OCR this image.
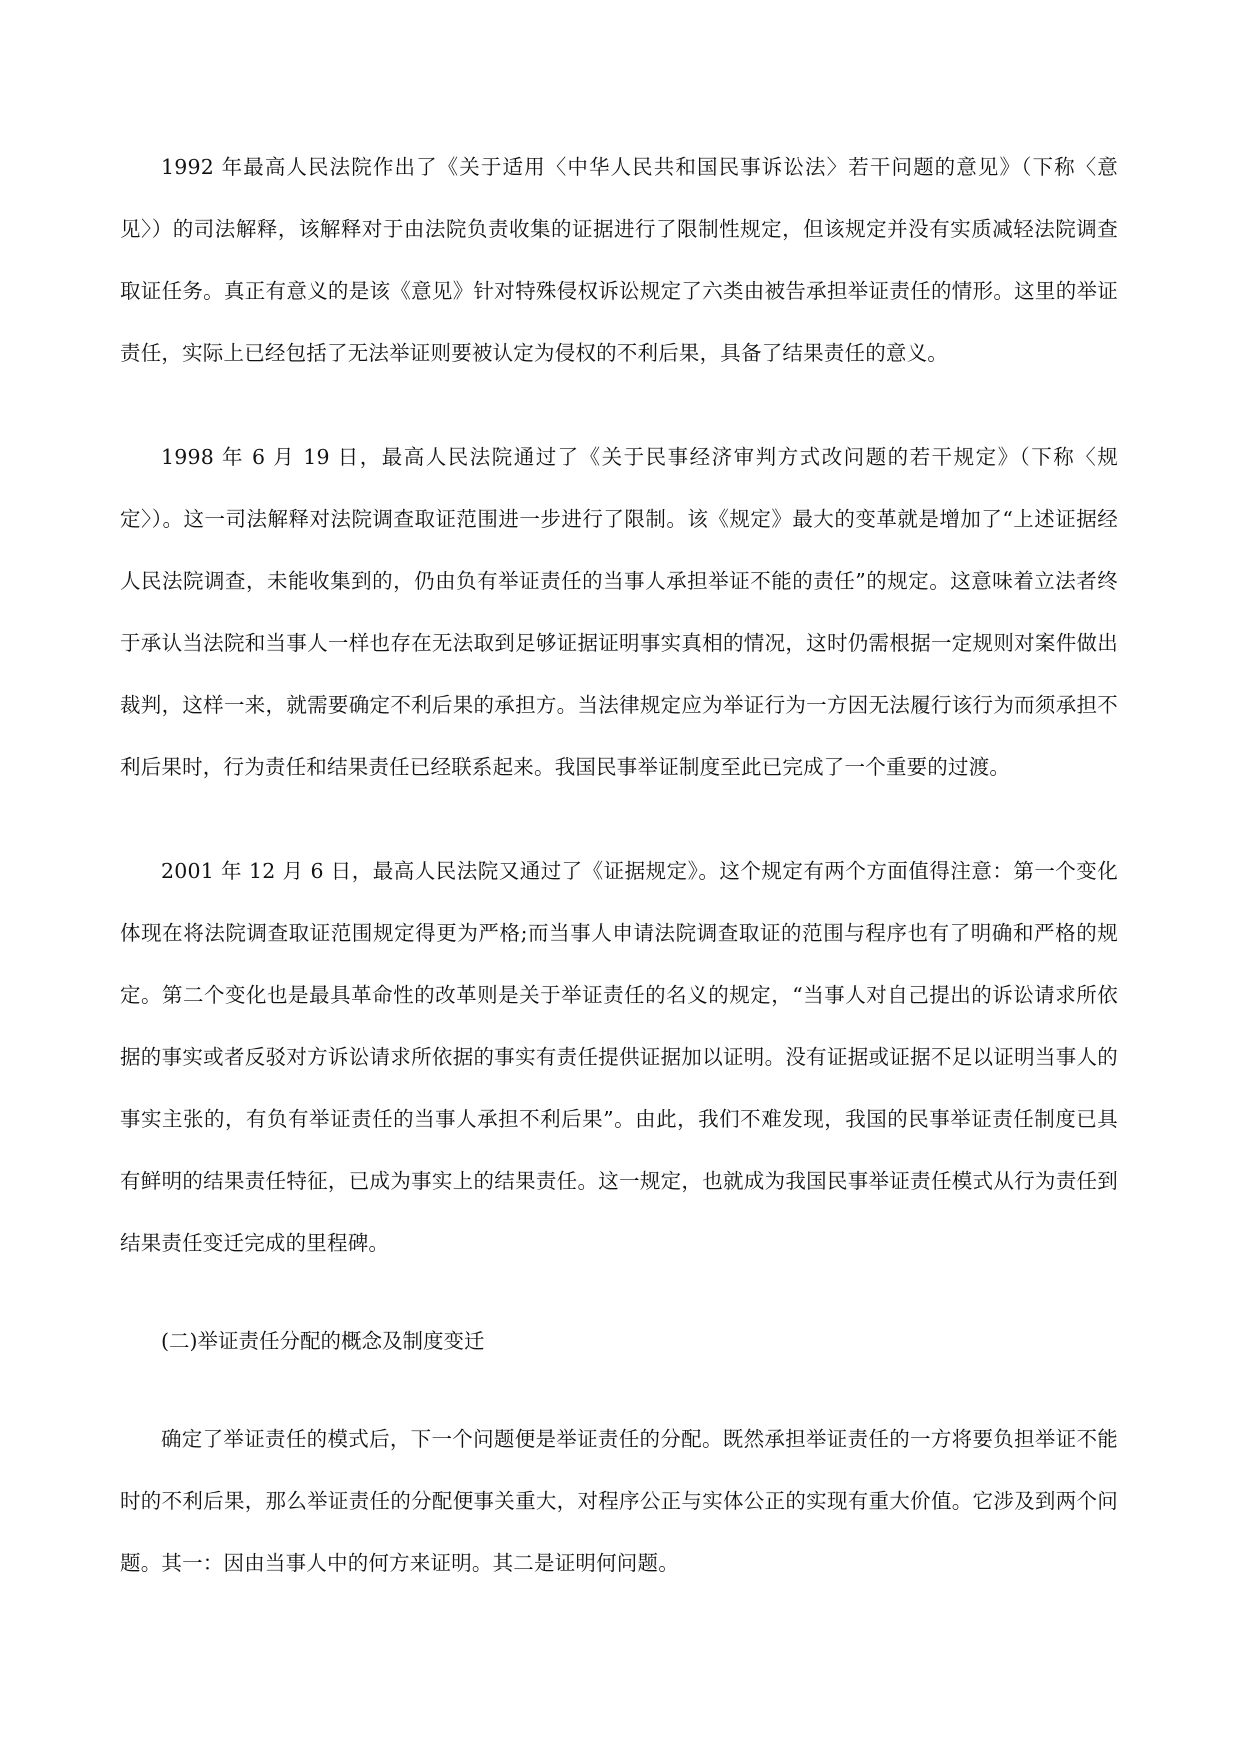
1992 年最高人民法院作出了《关于适用〈中华人民共和国民事诉讼法〉若干问题的意见》（下称〈意见〉）的司法解释，该解释对于由法院负责收集的证据进行了限制性规定，但该规定并没有实质减轻法院调查取证任务。真正有意义的是该《意见》针对特殊侵权诉讼规定了六类由被告承担举证责任的情形。这里的举证责任，实际上已经包括了无法举证则要被认定为侵权的不利后果，具备了结果责任的意义。

1998 年 6 月 19 日，最高人民法院通过了《关于民事经济审判方式改问题的若干规定》（下称〈规定〉）。这一司法解释对法院调查取证范围进一步进行了限制。该《规定》最大的变革就是增加了“上述证据经人民法院调查，未能收集到的，仍由负有举证责任的当事人承担举证不能的责任”的规定。这意味着立法者终于承认当法院和当事人一样也存在无法取到足够证据证明事实真相的情况，这时仍需根据一定规则对案件做出裁判，这样一来，就需要确定不利后果的承担方。当法律规定应为举证行为一方因无法履行该行为而须承担不利后果时，行为责任和结果责任已经联系起来。我国民事举证制度至此已完成了一个重要的过渡。

2001 年 12 月 6 日，最高人民法院又通过了《证据规定》。这个规定有两个方面值得注意：第一个变化体现在将法院调查取证范围规定得更为严格;而当事人申请法院调查取证的范围与程序也有了明确和严格的规定。第二个变化也是最具革命性的改革则是关于举证责任的名义的规定，“当事人对自己提出的诉讼请求所依据的事实或者反驳对方诉讼请求所依据的事实有责任提供证据加以证明。没有证据或证据不足以证明当事人的事实主张的，有负有举证责任的当事人承担不利后果”。由此，我们不难发现，我国的民事举证责任制度已具有鲜明的结果责任特征，已成为事实上的结果责任。这一规定，也就成为我国民事举证责任模式从行为责任到结果责任变迁完成的里程碑。

(二)举证责任分配的概念及制度变迁

确定了举证责任的模式后，下一个问题便是举证责任的分配。既然承担举证责任的一方将要负担举证不能时的不利后果，那么举证责任的分配便事关重大，对程序公正与实体公正的实现有重大价值。它涉及到两个问题。其一：因由当事人中的何方来证明。其二是证明何问题。
